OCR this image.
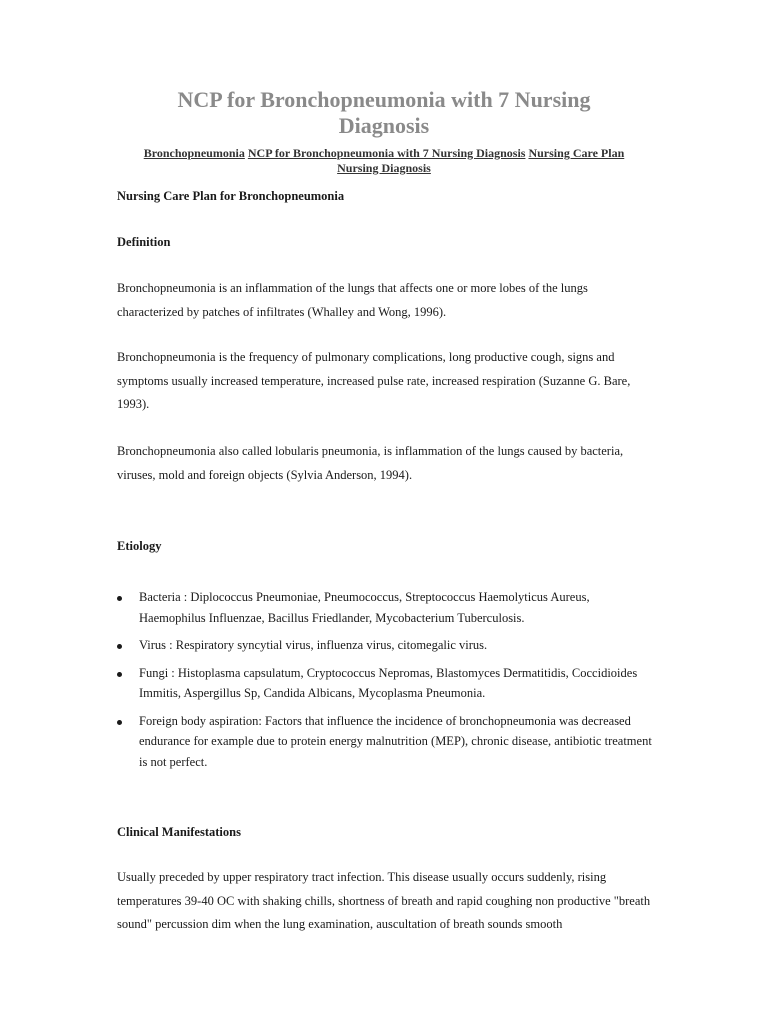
NCP for Bronchopneumonia with 7 Nursing Diagnosis
Bronchopneumonia NCP for Bronchopneumonia with 7 Nursing Diagnosis Nursing Care Plan Nursing Diagnosis
Nursing Care Plan for Bronchopneumonia
Definition
Bronchopneumonia is an inflammation of the lungs that affects one or more lobes of the lungs characterized by patches of infiltrates (Whalley and Wong, 1996).
Bronchopneumonia is the frequency of pulmonary complications, long productive cough, signs and symptoms usually increased temperature, increased pulse rate, increased respiration (Suzanne G. Bare, 1993).
Bronchopneumonia also called lobularis pneumonia, is inflammation of the lungs caused by bacteria, viruses, mold and foreign objects (Sylvia Anderson, 1994).
Etiology
Bacteria : Diplococcus Pneumoniae, Pneumococcus, Streptococcus Haemolyticus Aureus, Haemophilus Influenzae, Bacillus Friedlander, Mycobacterium Tuberculosis.
Virus : Respiratory syncytial virus, influenza virus, citomegalic virus.
Fungi : Histoplasma capsulatum, Cryptococcus Nepromas, Blastomyces Dermatitidis, Coccidioides Immitis, Aspergillus Sp, Candida Albicans, Mycoplasma Pneumonia.
Foreign body aspiration: Factors that influence the incidence of bronchopneumonia was decreased endurance for example due to protein energy malnutrition (MEP), chronic disease, antibiotic treatment is not perfect.
Clinical Manifestations
Usually preceded by upper respiratory tract infection. This disease usually occurs suddenly, rising temperatures 39-40 OC with shaking chills, shortness of breath and rapid coughing non productive "breath sound" percussion dim when the lung examination, auscultation of breath sounds smooth
